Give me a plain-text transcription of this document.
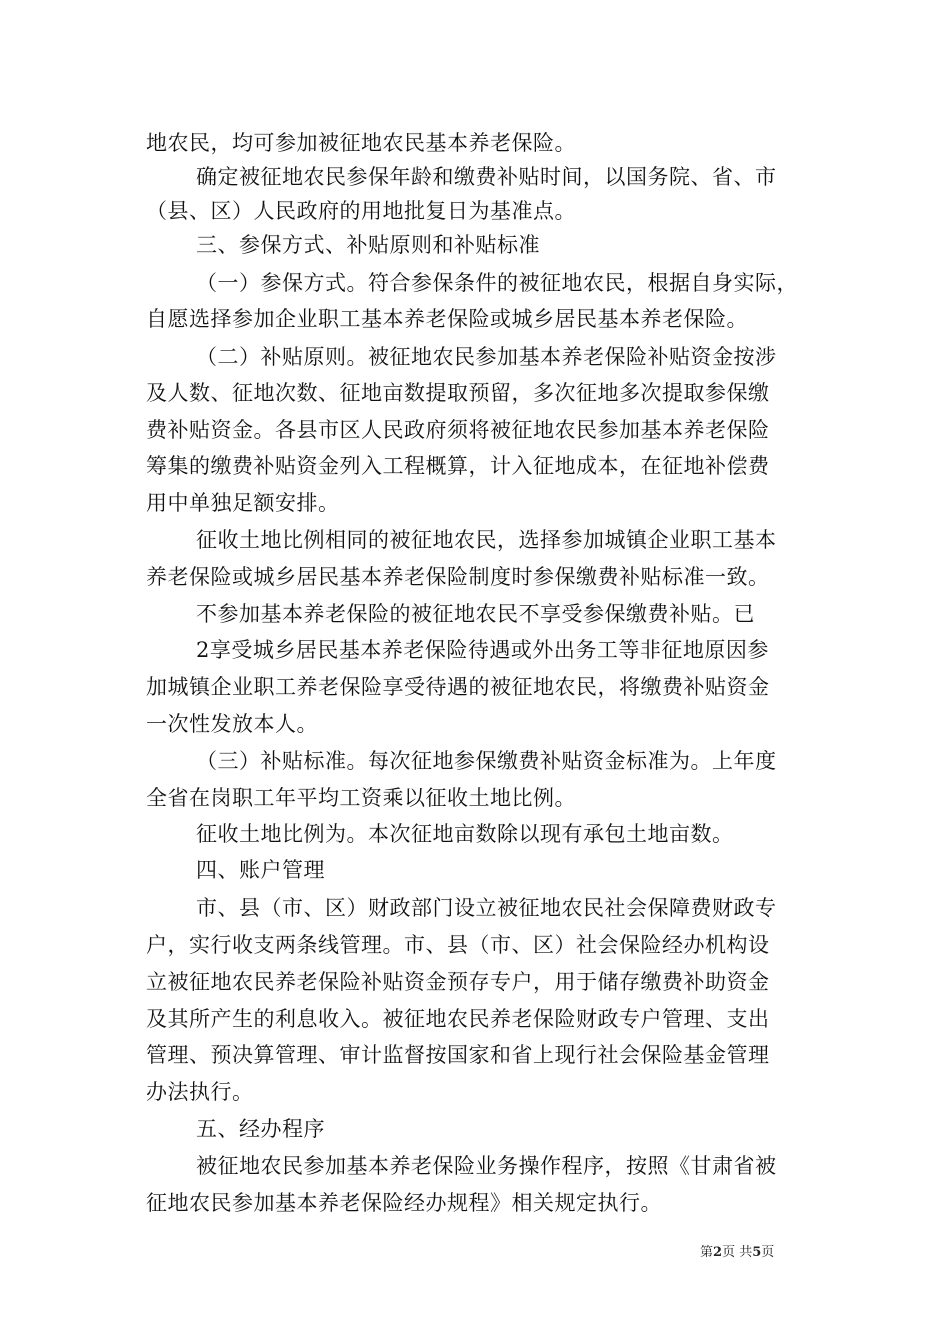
地农民，均可参加被征地农民基本养老保险。
确定被征地农民参保年龄和缴费补贴时间，以国务院、省、市
（县、区）人民政府的用地批复日为基准点。
三、参保方式、补贴原则和补贴标准
（一）参保方式。符合参保条件的被征地农民，根据自身实际，
自愿选择参加企业职工基本养老保险或城乡居民基本养老保险。
（二）补贴原则。被征地农民参加基本养老保险补贴资金按涉
及人数、征地次数、征地亩数提取预留，多次征地多次提取参保缴
费补贴资金。各县市区人民政府须将被征地农民参加基本养老保险
筹集的缴费补贴资金列入工程概算，计入征地成本，在征地补偿费
用中单独足额安排。
征收土地比例相同的被征地农民，选择参加城镇企业职工基本
养老保险或城乡居民基本养老保险制度时参保缴费补贴标准一致。
不参加基本养老保险的被征地农民不享受参保缴费补贴。已
2享受城乡居民基本养老保险待遇或外出务工等非征地原因参
加城镇企业职工养老保险享受待遇的被征地农民，将缴费补贴资金
一次性发放本人。
（三）补贴标准。每次征地参保缴费补贴资金标准为。上年度
全省在岗职工年平均工资乘以征收土地比例。
征收土地比例为。本次征地亩数除以现有承包土地亩数。
四、账户管理
市、县（市、区）财政部门设立被征地农民社会保障费财政专
户，实行收支两条线管理。市、县（市、区）社会保险经办机构设
立被征地农民养老保险补贴资金预存专户，用于储存缴费补助资金
及其所产生的利息收入。被征地农民养老保险财政专户管理、支出
管理、预决算管理、审计监督按国家和省上现行社会保险基金管理
办法执行。
五、经办程序
被征地农民参加基本养老保险业务操作程序，按照《甘肃省被
征地农民参加基本养老保险经办规程》相关规定执行。
第2页 共5页
